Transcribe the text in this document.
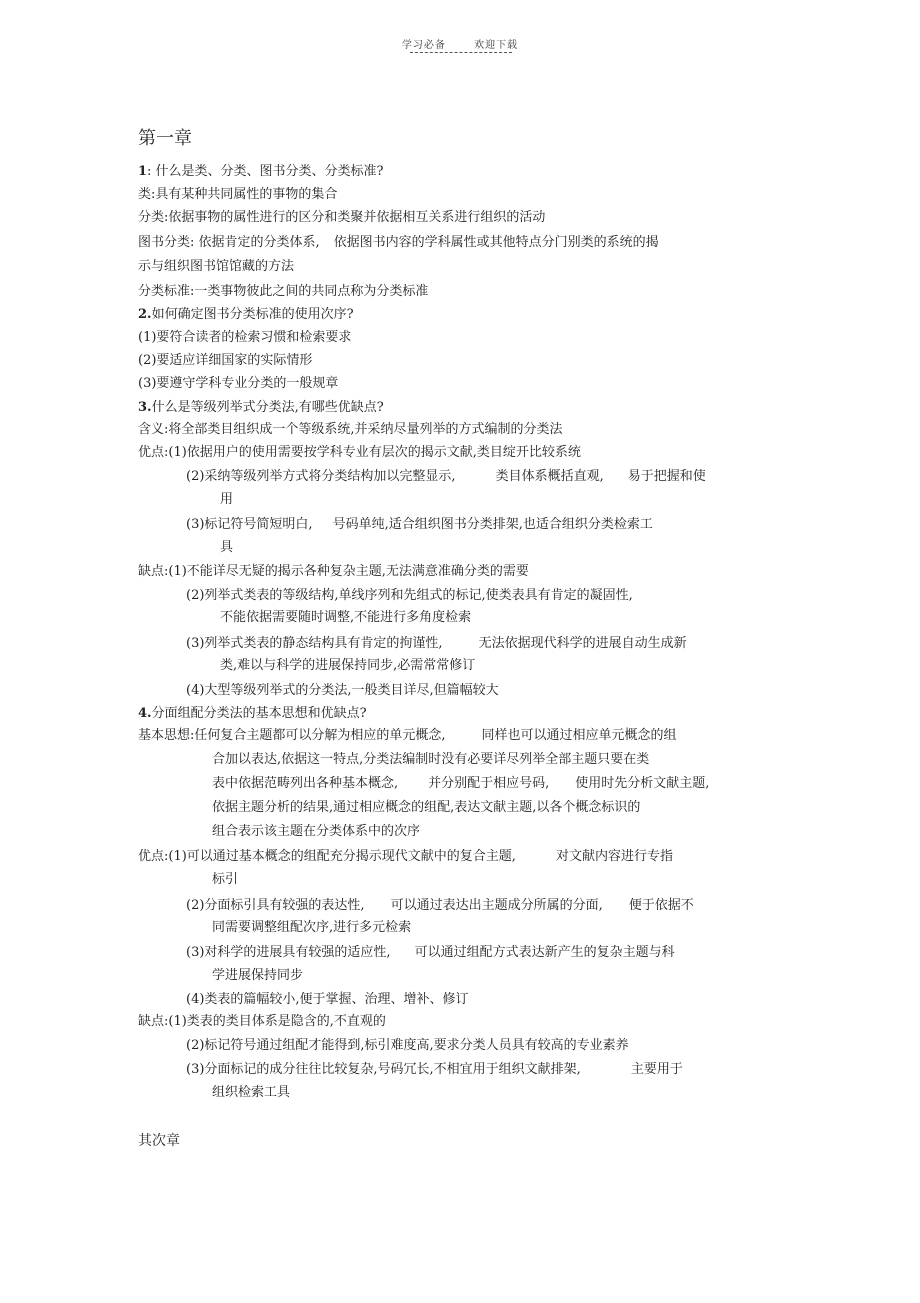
学习必备	欢迎下载
第一章
1: 什么是类、分类、图书分类、分类标准?
类:具有某种共同属性的事物的集合
分类:依据事物的属性进行的区分和类聚并依据相互关系进行组织的活动
图书分类: 依据肯定的分类体系, 依据图书内容的学科属性或其他特点分门别类的系统的揭
示与组织图书馆馆藏的方法
分类标准:一类事物彼此之间的共同点称为分类标准
2.如何确定图书分类标准的使用次序?
(1)要符合读者的检索习惯和检索要求
(2)要适应详细国家的实际情形
(3)要遵守学科专业分类的一般规章
3.什么是等级列举式分类法,有哪些优缺点?
含义:将全部类目组织成一个等级系统,并采纳尽量列举的方式编制的分类法
优点:(1)依据用户的使用需要按学科专业有层次的揭示文献,类目绽开比较系统
(2)采纳等级列举方式将分类结构加以完整显示,	类目体系概括直观, 易于把握和使
用
(3)标记符号简短明白, 号码单纯,适合组织图书分类排架,也适合组织分类检索工
具
缺点:(1)不能详尽无疑的揭示各种复杂主题,无法满意准确分类的需要
(2)列举式类表的等级结构,单线序列和先组式的标记,使类表具有肯定的凝固性,
不能依据需要随时调整,不能进行多角度检索
(3)列举式类表的静态结构具有肯定的拘谨性,	无法依据现代科学的进展自动生成新
类,难以与科学的进展保持同步,必需常常修订
(4)大型等级列举式的分类法,一般类目详尽,但篇幅较大
4.分面组配分类法的基本思想和优缺点?
基本思想:任何复合主题都可以分解为相应的单元概念,	同样也可以通过相应单元概念的组
合加以表达,依据这一特点,分类法编制时没有必要详尽列举全部主题只要在类
表中依据范畴列出各种基本概念, 并分别配于相应号码, 使用时先分析文献主题,
依据主题分析的结果,通过相应概念的组配,表达文献主题,以各个概念标识的
组合表示该主题在分类体系中的次序
优点:(1)可以通过基本概念的组配充分揭示现代文献中的复合主题,	对文献内容进行专指
标引
(2)分面标引具有较强的表达性, 可以通过表达出主题成分所属的分面, 便于依据不
同需要调整组配次序,进行多元检索
(3)对科学的进展具有较强的适应性, 可以通过组配方式表达新产生的复杂主题与科
学进展保持同步
(4)类表的篇幅较小,便于掌握、治理、增补、修订
缺点:(1)类表的类目体系是隐含的,不直观的
(2)标记符号通过组配才能得到,标引难度高,要求分类人员具有较高的专业素养
(3)分面标记的成分往往比较复杂,号码冗长,不相宜用于组织文献排架,	主要用于
组织检索工具
其次章
